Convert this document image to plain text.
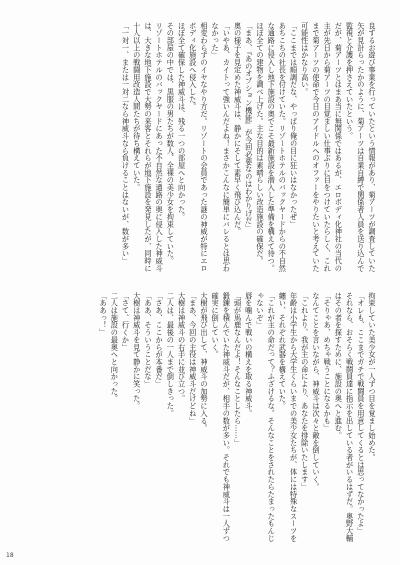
良するお遊び事業を行っていたという情報があり、菊アーツが調査していた矢が見計らったかのように、菊アーツは自業自縛で関係者人員を送り込んで監視と介護を押さえていたという。

だが、菊アーツとはまあ当に無関係ではあるが、エロボディ化神社の当代の主が先日から菊アーツの目覚ましい仕事ぶりに目をつけていたらしく、これまで菊アーツの使命で今日のアイドルへのオファーをやりたいと考えていた可能性はかなり高い。

「ここまでは順調だな、やっぱり俺の目に狂いはなかったぜ」

あちこちの社長を付けていた。リゾートホテルのバックヤードからの不自然な通路に侵入し地下施設の奥でこそ最新施設を潜入した準備を構えて待つ。

ほぼ全ての建物を調べ上げた。主な目的は素晴らしい改造施設の確保だ。

「まあ、『あのオプション機能』が今回必要なのはわかりげだ」

奥の様子を見定めた神威斗は、静かにそして素早く飛び込んだ。

「いやあ、カイトって強いんだよね！まさかこんなに簡単にバレるとは思わなかった」

相変わらずのイヤなやり方だ。リゾートの会員であった謎の神威が特にエロボディ化施設へ侵入した。

ほぼ全て確保した神威斗は、残る一つの部屋へと向かった。

その部屋の中では、黒服の男たちが数人、全裸の美少女を拘束していた。

リゾートホテルのバックヤードにあった不自然な通路の奥に侵入した神威斗は、大きな地下施設で大勢の来客とそれらが地下施設を発見したが、同時に十人以上の戦闘用改造人間たちが待ち構えていた。

「一対一、または一対二なら神威斗なら負けることはないが、数が多い」

拘束していた美少女が一人ずつ目を覚まし始めた。

「オレも、ここまでガチで戦闘員を用意してくるとは思ってなかったよ」

それなら、おそらく戦闘員達に指示を出している者がいるはずだ。奥野大輔はその者を探すために、施設の奥へと進む。

「そりゃあ、めちゃ戦うことになるかも」

なんてことを言いながら、神威斗は次々と敵を倒していく。

「これより、我が主の命により、あなたを排除いたします」

年齢は小学生から大学生くらいまでの美少女たちが、体には特殊なスーツを纏い、それぞれ武器を構えていた。

「これが主の命だって？ふざけるな。そんなことをされたらたまったもんじゃないぞ」

唇を噛んで戦いの構えを取る神威斗。

「頭が馬鹿なんだよ！そんなことしたら……」

鍛錬を積んでいた神威斗だが、相手の数が多い。それでも神威斗は一人ずつ確実に倒していく。

大樹が飛び出して、神威斗の加勢に入る。

「まあ、今回の主役は神威斗だけどね」

大樹は神威斗の右手に並び立つ。

二人は、最後の一人まで倒しきった。

「さあ、ここからが本番だ」

「ああ、そういうことだな」

大樹は神威斗を見て静かに笑った。

「さて、行くか」

二人は施設の最奥へと向かった。

「ああっ！」

18
